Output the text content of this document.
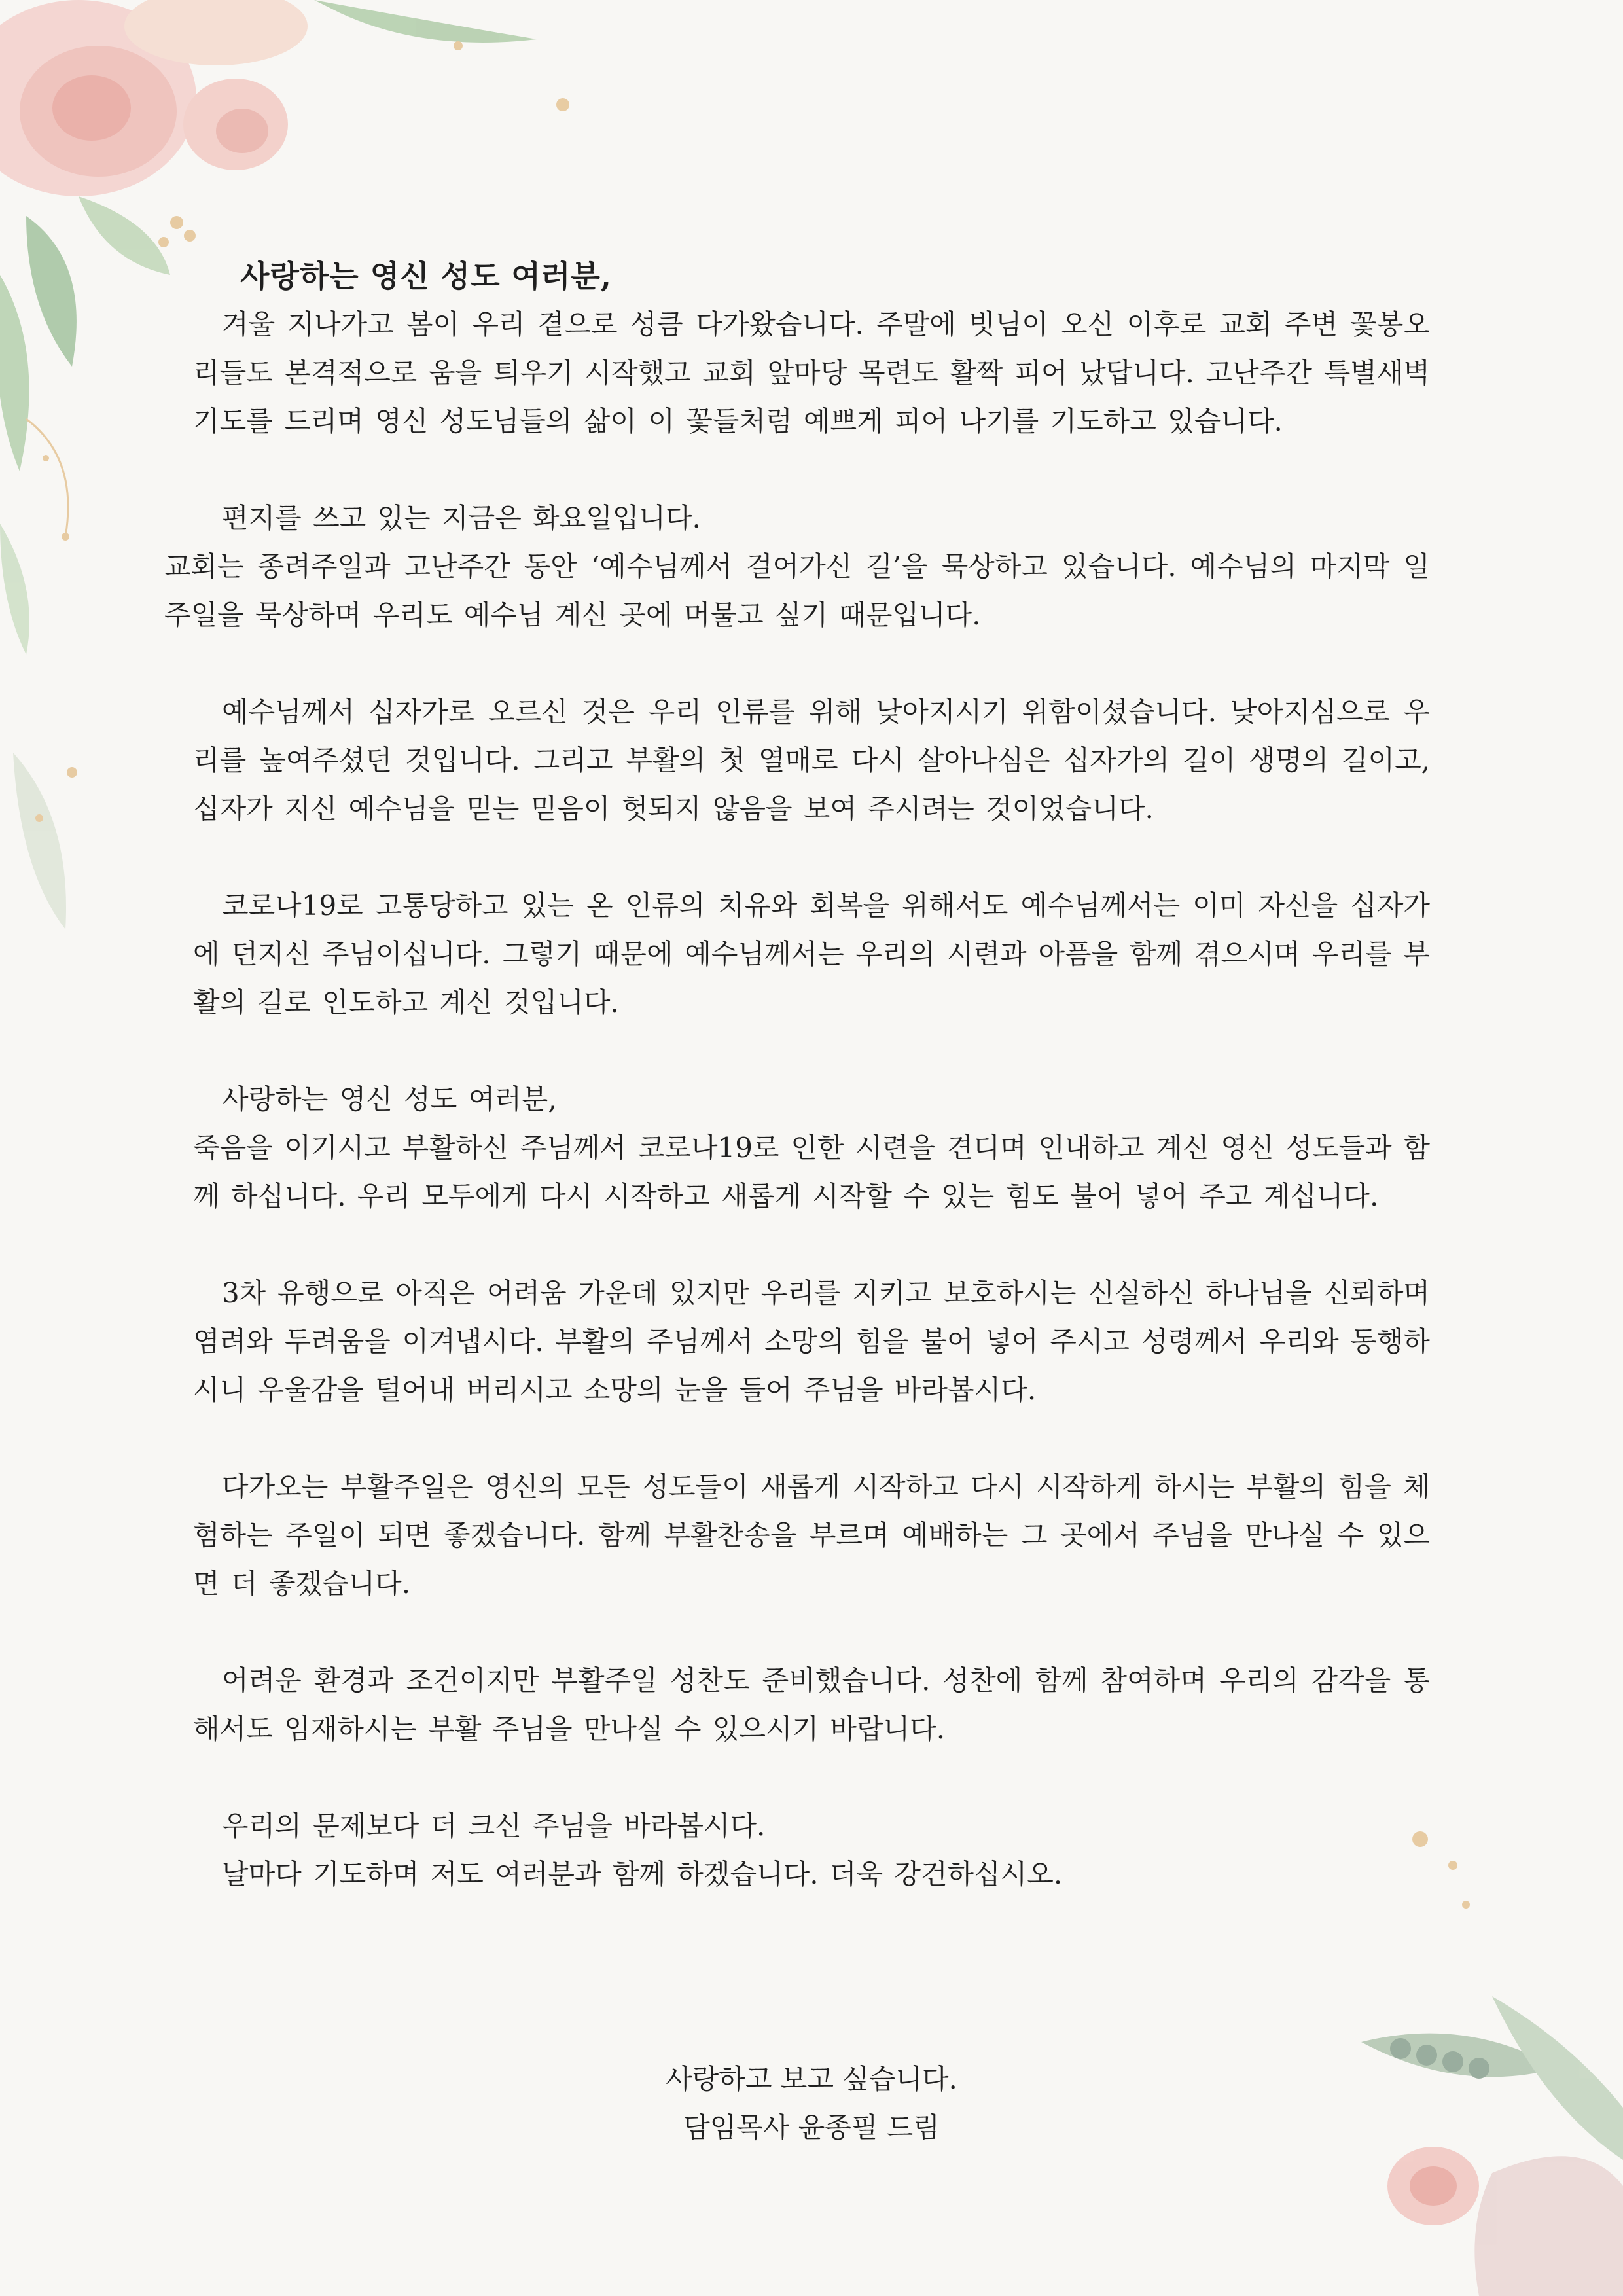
사랑하는 영신 성도 여러분,
겨울 지나가고 봄이 우리 곁으로 성큼 다가왔습니다. 주말에 빗님이 오신 이후로 교회 주변 꽃봉오리들도 본격적으로 움을 틔우기 시작했고 교회 앞마당 목련도 활짝 피어 났답니다. 고난주간 특별새벽기도를 드리며 영신 성도님들의 삶이 이 꽃들처럼 예쁘게 피어 나기를 기도하고 있습니다.
편지를 쓰고 있는 지금은 화요일입니다.
교회는 종려주일과 고난주간 동안 ‘예수님께서 걸어가신 길’을 묵상하고 있습니다. 예수님의 마지막 일주일을 묵상하며 우리도 예수님 계신 곳에 머물고 싶기 때문입니다.
예수님께서 십자가로 오르신 것은 우리 인류를 위해 낮아지시기 위함이셨습니다. 낮아지심으로 우리를 높여주셨던 것입니다. 그리고 부활의 첫 열매로 다시 살아나심은 십자가의 길이 생명의 길이고, 십자가 지신 예수님을 믿는 믿음이 헛되지 않음을 보여 주시려는 것이었습니다.
코로나19로 고통당하고 있는 온 인류의 치유와 회복을 위해서도 예수님께서는 이미 자신을 십자가에 던지신 주님이십니다. 그렇기 때문에 예수님께서는 우리의 시련과 아픔을 함께 겪으시며 우리를 부활의 길로 인도하고 계신 것입니다.
사랑하는 영신 성도 여러분,
죽음을 이기시고 부활하신 주님께서 코로나19로 인한 시련을 견디며 인내하고 계신 영신 성도들과 함께 하십니다. 우리 모두에게 다시 시작하고 새롭게 시작할 수 있는 힘도 불어 넣어 주고 계십니다.
3차 유행으로 아직은 어려움 가운데 있지만 우리를 지키고 보호하시는 신실하신 하나님을 신뢰하며 염려와 두려움을 이겨냅시다. 부활의 주님께서 소망의 힘을 불어 넣어 주시고 성령께서 우리와 동행하시니 우울감을 털어내 버리시고 소망의 눈을 들어 주님을 바라봅시다.
다가오는 부활주일은 영신의 모든 성도들이 새롭게 시작하고 다시 시작하게 하시는 부활의 힘을 체험하는 주일이 되면 좋겠습니다. 함께 부활찬송을 부르며 예배하는 그 곳에서 주님을 만나실 수 있으면 더 좋겠습니다.
어려운 환경과 조건이지만 부활주일 성찬도 준비했습니다. 성찬에 함께 참여하며 우리의 감각을 통해서도 임재하시는 부활 주님을 만나실 수 있으시기 바랍니다.
우리의 문제보다 더 크신 주님을 바라봅시다.
날마다 기도하며 저도 여러분과 함께 하겠습니다. 더욱 강건하십시오.
사랑하고 보고 싶습니다.
담임목사 윤종필 드림
